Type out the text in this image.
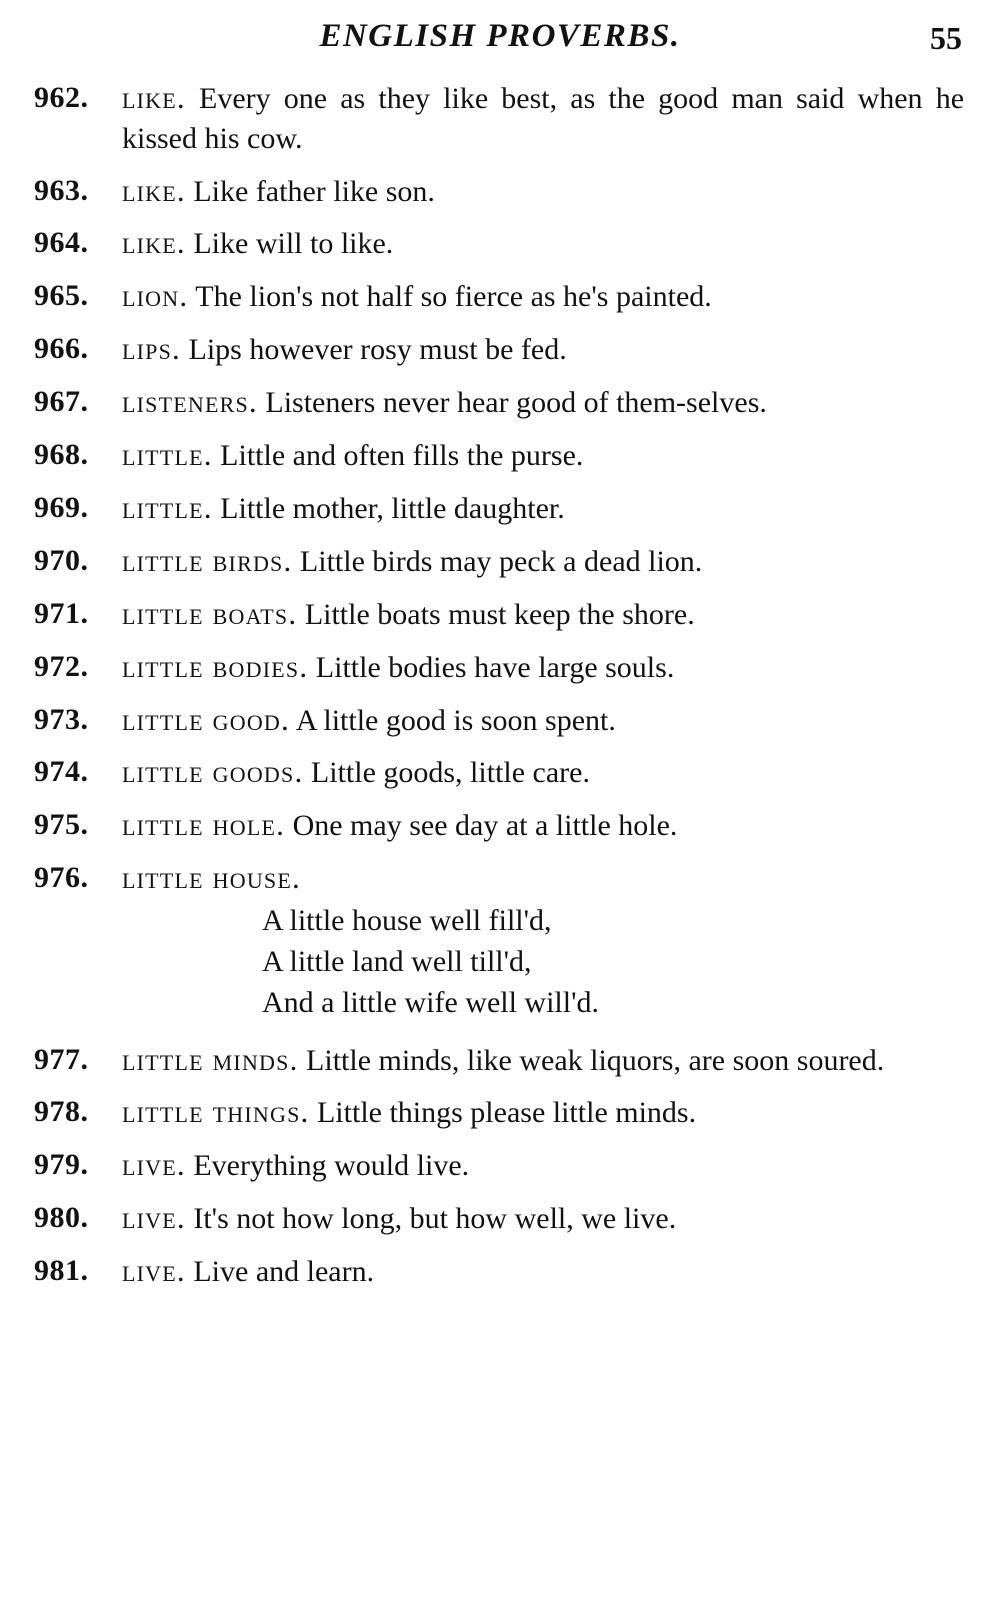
ENGLISH PROVERBS.	55
962.	like. Every one as they like best, as the good man said when he kissed his cow.
963.	like. Like father like son.
964.	like. Like will to like.
965.	lion. The lion's not half so fierce as he's painted.
966.	lips. Lips however rosy must be fed.
967.	listeners. Listeners never hear good of them-selves.
968.	little. Little and often fills the purse.
969.	little. Little mother, little daughter.
970.	little birds. Little birds may peck a dead lion.
971.	little boats. Little boats must keep the shore.
972.	little bodies. Little bodies have large souls.
973.	little good. A little good is soon spent.
974.	little goods. Little goods, little care.
975.	little hole. One may see day at a little hole.
976.	little house.
A little house well fill'd,
A little land well till'd,
And a little wife well will'd.
977.	little minds. Little minds, like weak liquors, are soon soured.
978.	little things. Little things please little minds.
979.	live. Everything would live.
980.	live. It's not how long, but how well, we live.
981.	live. Live and learn.
